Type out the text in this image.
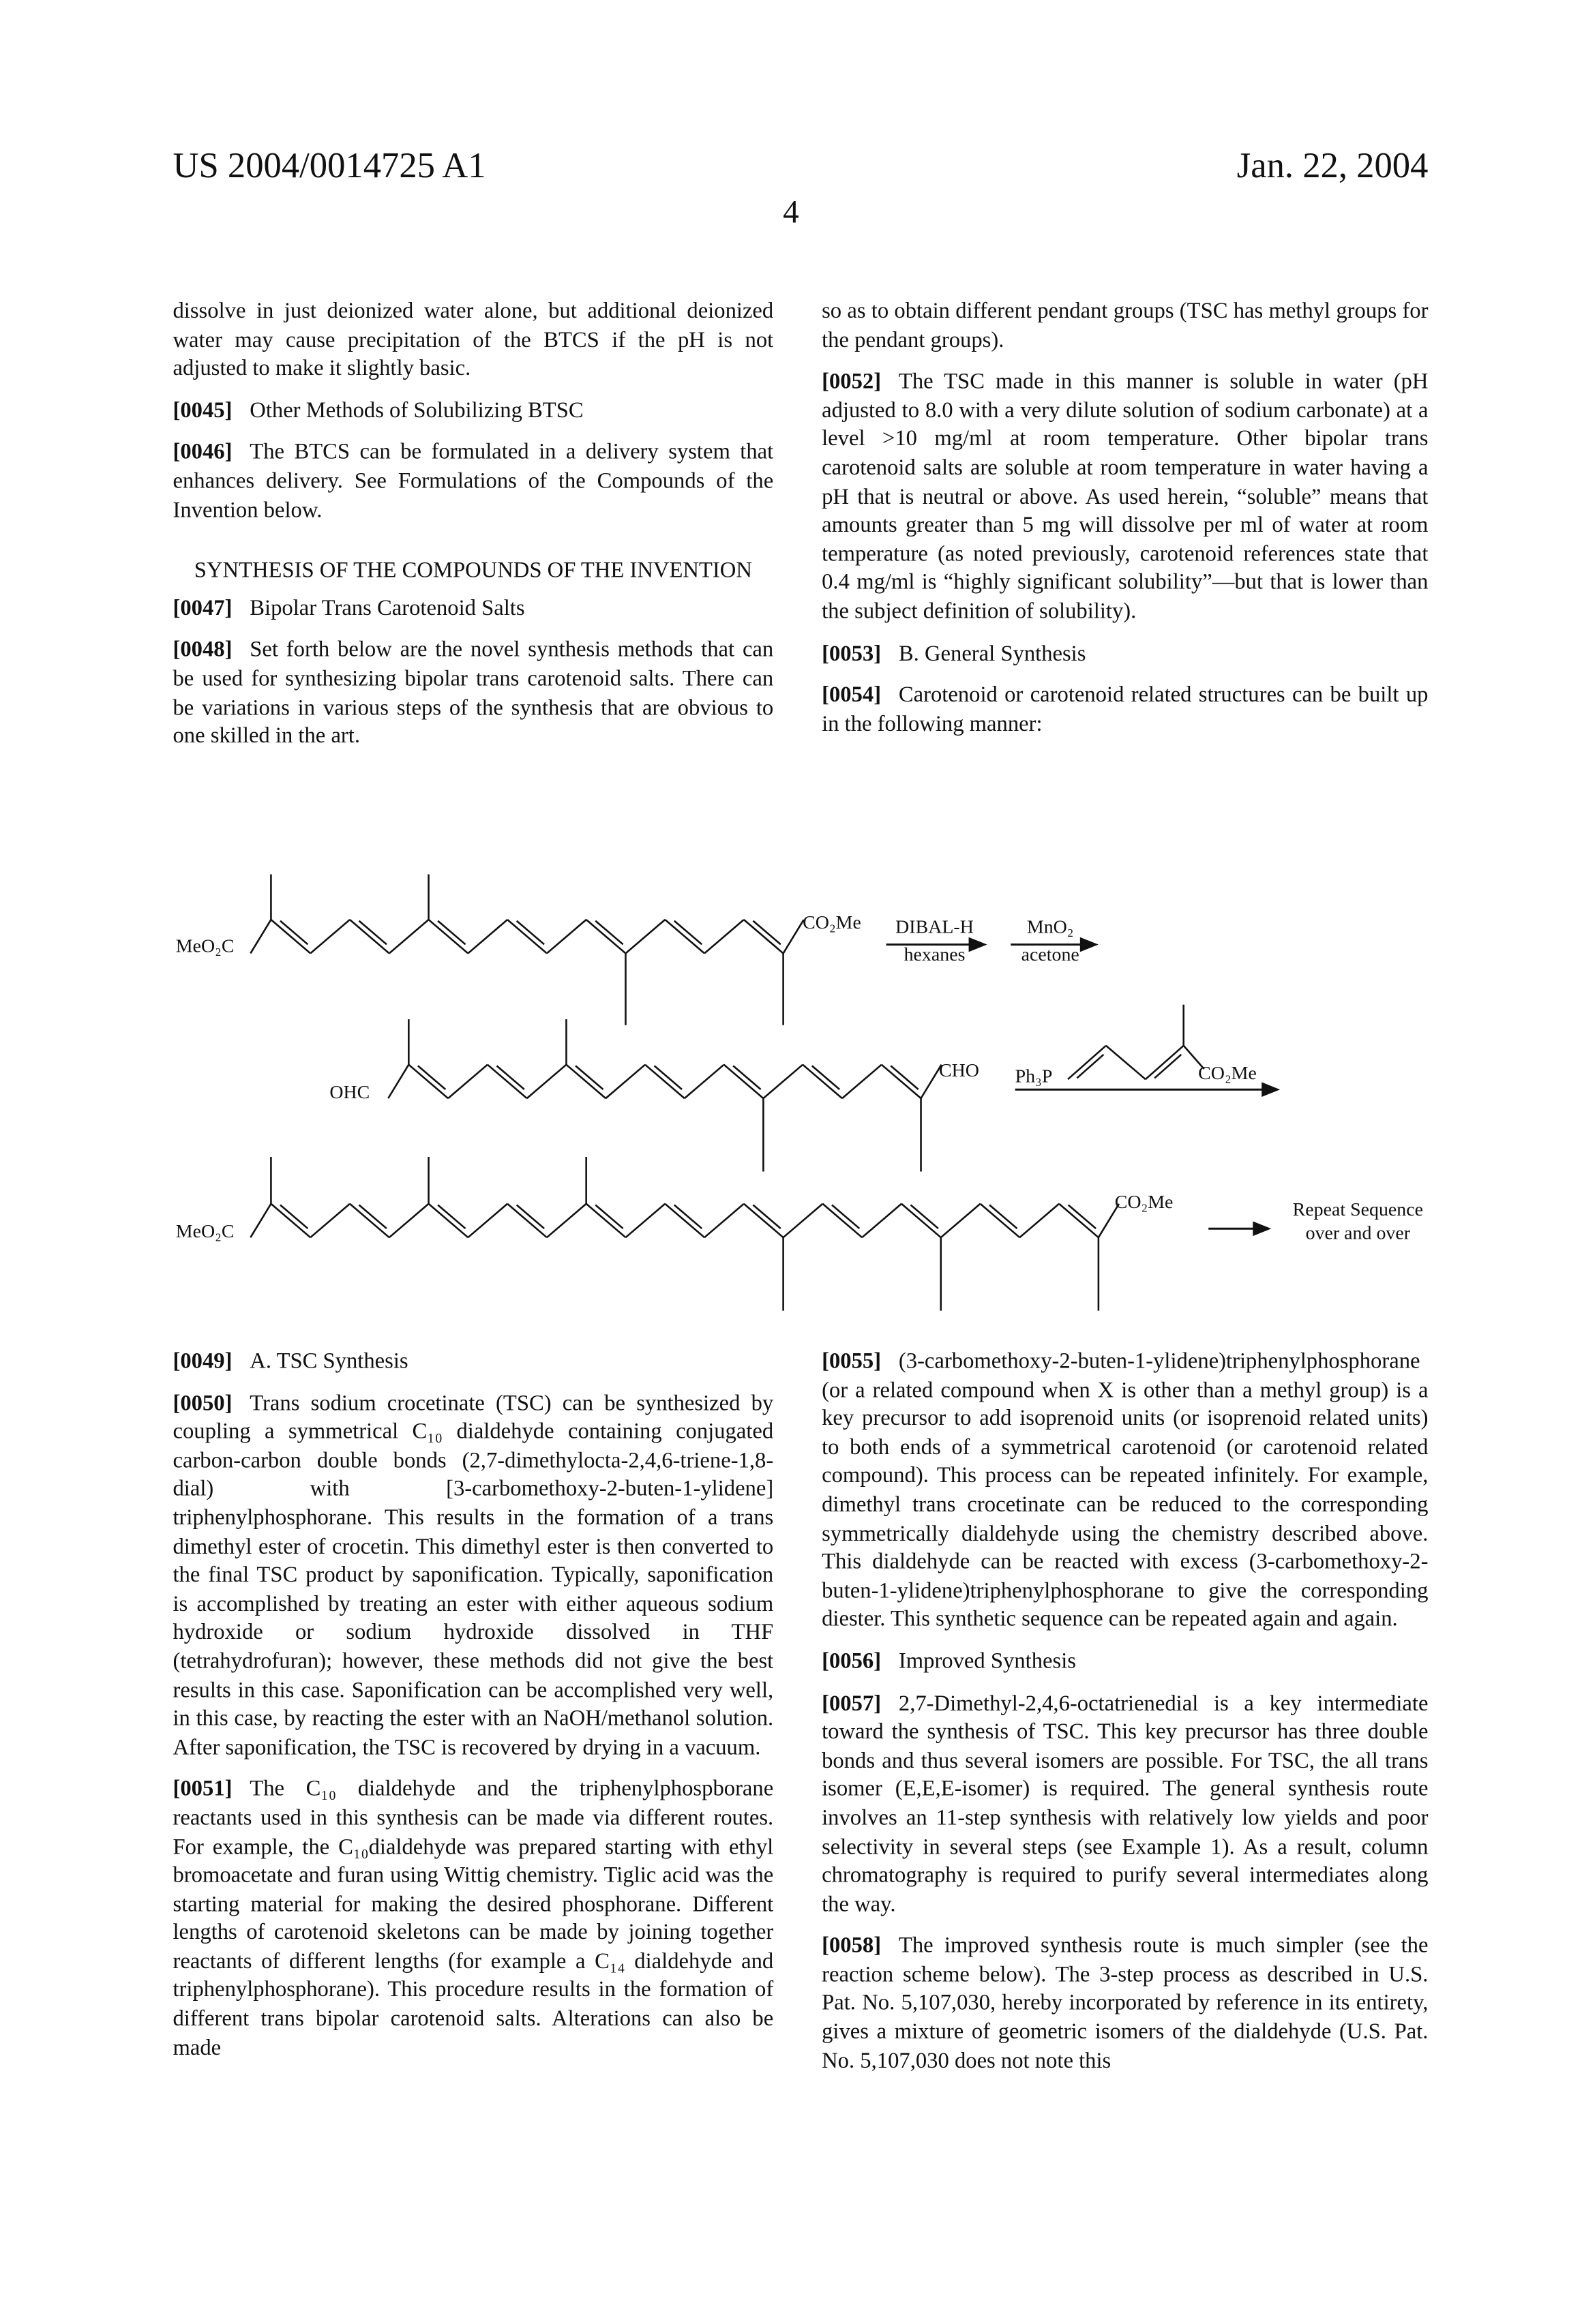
US 2004/0014725 A1	Jan. 22, 2004
4

dissolve in just deionized water alone, but additional deionized water may cause precipitation of the BTCS if the pH is not adjusted to make it slightly basic.

[0045] Other Methods of Solubilizing BTSC

[0046] The BTCS can be formulated in a delivery system that enhances delivery. See Formulations of the Compounds of the Invention below.

SYNTHESIS OF THE COMPOUNDS OF THE INVENTION

[0047] Bipolar Trans Carotenoid Salts

[0048] Set forth below are the novel synthesis methods that can be used for synthesizing bipolar trans carotenoid salts. There can be variations in various steps of the synthesis that are obvious to one skilled in the art.

so as to obtain different pendant groups (TSC has methyl groups for the pendant groups).

[0052] The TSC made in this manner is soluble in water (pH adjusted to 8.0 with a very dilute solution of sodium carbonate) at a level >10 mg/ml at room temperature. Other bipolar trans carotenoid salts are soluble at room temperature in water having a pH that is neutral or above. As used herein, “soluble” means that amounts greater than 5 mg will dissolve per ml of water at room temperature (as noted previously, carotenoid references state that 0.4 mg/ml is “highly significant solubility”—but that is lower than the subject definition of solubility).

[0053] B. General Synthesis

[0054] Carotenoid or carotenoid related structures can be built up in the following manner:

[0049] A. TSC Synthesis

[0050] Trans sodium crocetinate (TSC) can be synthesized by coupling a symmetrical C₁₀ dialdehyde containing conjugated carbon-carbon double bonds (2,7-dimethylocta-2,4,6-triene-1,8-dial) with [3-carbomethoxy-2-buten-1-ylidene] triphenylphosphorane. This results in the formation of a trans dimethyl ester of crocetin. This dimethyl ester is then converted to the final TSC product by saponification. Typically, saponification is accomplished by treating an ester with either aqueous sodium hydroxide or sodium hydroxide dissolved in THF (tetrahydrofuran); however, these methods did not give the best results in this case. Saponification can be accomplished very well, in this case, by reacting the ester with an NaOH/methanol solution. After saponification, the TSC is recovered by drying in a vacuum.

[0051] The C₁₀ dialdehyde and the triphenylphospborane reactants used in this synthesis can be made via different routes. For example, the C₁₀dialdehyde was prepared starting with ethyl bromoacetate and furan using Wittig chemistry. Tiglic acid was the starting material for making the desired phosphorane. Different lengths of carotenoid skeletons can be made by joining together reactants of different lengths (for example a C₁₄ dialdehyde and triphenylphosphorane). This procedure results in the formation of different trans bipolar carotenoid salts. Alterations can also be made

[0055] (3-carbomethoxy-2-buten-1-ylidene)triphenylphosphorane (or a related compound when X is other than a methyl group) is a key precursor to add isoprenoid units (or isoprenoid related units) to both ends of a symmetrical carotenoid (or carotenoid related compound). This process can be repeated infinitely. For example, dimethyl trans crocetinate can be reduced to the corresponding symmetrically dialdehyde using the chemistry described above. This dialdehyde can be reacted with excess (3-carbomethoxy-2-buten-1-ylidene)triphenylphosphorane to give the corresponding diester. This synthetic sequence can be repeated again and again.

[0056] Improved Synthesis

[0057] 2,7-Dimethyl-2,4,6-octatrienedial is a key intermediate toward the synthesis of TSC. This key precursor has three double bonds and thus several isomers are possible. For TSC, the all trans isomer (E,E,E-isomer) is required. The general synthesis route involves an 11-step synthesis with relatively low yields and poor selectivity in several steps (see Example 1). As a result, column chromatography is required to purify several intermediates along the way.

[0058] The improved synthesis route is much simpler (see the reaction scheme below). The 3-step process as described in U.S. Pat. No. 5,107,030, hereby incorporated by reference in its entirety, gives a mixture of geometric isomers of the dialdehyde (U.S. Pat. No. 5,107,030 does not note this

MeO₂C
CO₂Me	DIBAL-H
hexanes
MnO₂
acetone
OHC
CHO	Ph₃P	CO₂Me
MeO₂C
CO₂Me	Repeat Sequence
over and over
